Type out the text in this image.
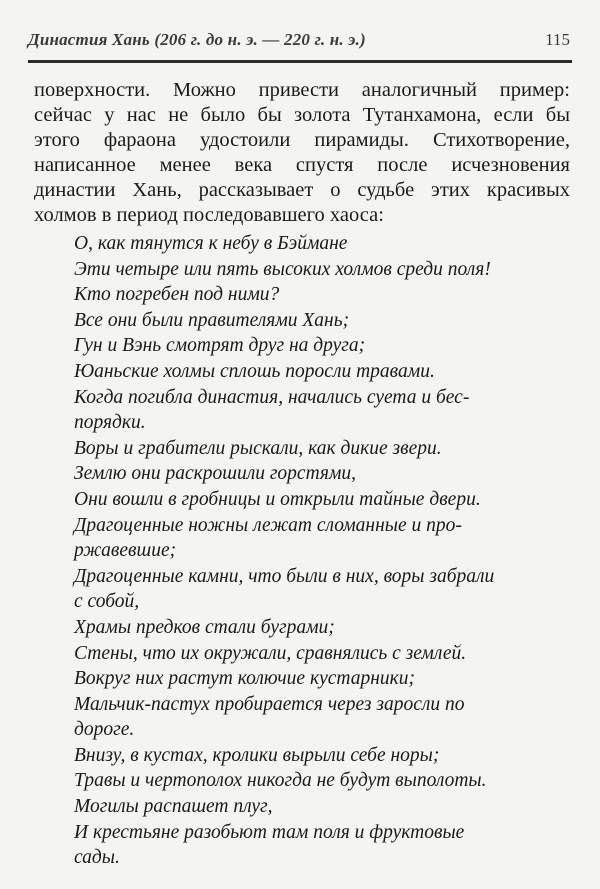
Династия Хань (206 г. до н. э. — 220 г. н. э.)	115
поверхности. Можно привести аналогичный пример:
сейчас у нас не было бы золота Тутанхамона, если бы
этого фараона удостоили пирамиды. Стихотворение,
написанное менее века спустя после исчезновения
династии Хань, рассказывает о судьбе этих красивых
холмов в период последовавшего хаоса:
О, как тянутся к небу в Бэймане
Эти четыре или пять высоких холмов среди поля!
Кто погребен под ними?
Все они были правителями Хань;
Гун и Вэнь смотрят друг на друга;
Юаньские холмы сплошь поросли травами.
Когда погибла династия, начались суета и бес-
порядки.
Воры и грабители рыскали, как дикие звери.
Землю они раскрошили горстями,
Они вошли в гробницы и открыли тайные двери.
Драгоценные ножны лежат сломанные и про-
ржавевшие;
Драгоценные камни, что были в них, воры забрали
с собой,
Храмы предков стали буграми;
Стены, что их окружали, сравнялись с землей.
Вокруг них растут колючие кустарники;
Мальчик-пастух пробирается через заросли по
дороге.
Внизу, в кустах, кролики вырыли себе норы;
Травы и чертополох никогда не будут выполоты.
Могилы распашет плуг,
И крестьяне разобьют там поля и фруктовые
сады.
